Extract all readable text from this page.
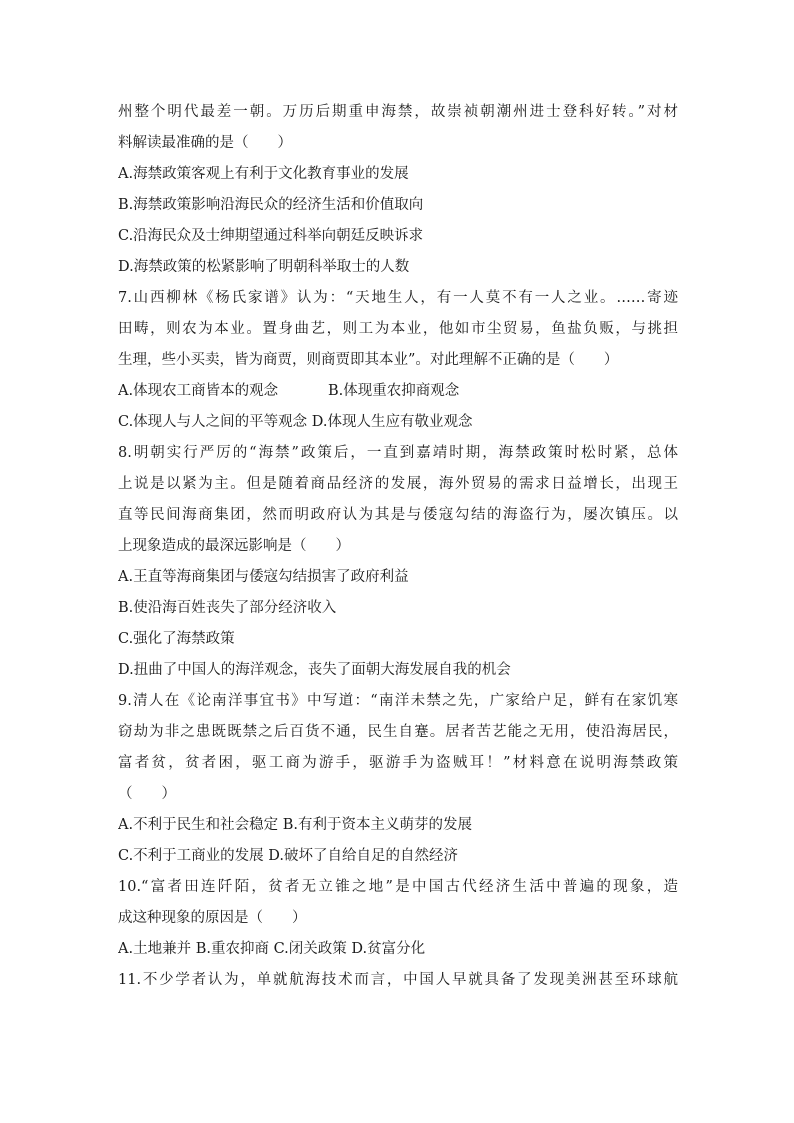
州整个明代最差一朝。万历后期重申海禁，故崇祯朝潮州进士登科好转。”对材
料解读最准确的是（　　）
A.海禁政策客观上有利于文化教育事业的发展
B.海禁政策影响沿海民众的经济生活和价值取向
C.沿海民众及士绅期望通过科举向朝廷反映诉求
D.海禁政策的松紧影响了明朝科举取士的人数
7.山西柳林《杨氏家谱》认为：“天地生人，有一人莫不有一人之业。……寄迹
田畴，则农为本业。置身曲艺，则工为本业，他如市尘贸易，鱼盐负贩，与挑担
生理，些小买卖，皆为商贾，则商贾即其本业”。对此理解不正确的是（　　）
A.体现农工商皆本的观念	B.体现重农抑商观念
C.体现人与人之间的平等观念 D.体现人生应有敬业观念
8.明朝实行严厉的“海禁”政策后，一直到嘉靖时期，海禁政策时松时紧，总体
上说是以紧为主。但是随着商品经济的发展，海外贸易的需求日益增长，出现王
直等民间海商集团，然而明政府认为其是与倭寇勾结的海盗行为，屡次镇压。以
上现象造成的最深远影响是（　　）
A.王直等海商集团与倭寇勾结损害了政府利益
B.使沿海百姓丧失了部分经济收入
C.强化了海禁政策
D.扭曲了中国人的海洋观念，丧失了面朝大海发展自我的机会
9.清人在《论南洋事宜书》中写道：“南洋未禁之先，广家给户足，鲜有在家饥寒
窃劫为非之患既既禁之后百货不通，民生自蹇。居者苦艺能之无用，使沿海居民，
富者贫，贫者困，驱工商为游手，驱游手为盗贼耳！”材料意在说明海禁政策
（　　）
A.不利于民生和社会稳定 B.有利于资本主义萌芽的发展
C.不利于工商业的发展 D.破坏了自给自足的自然经济
10.“富者田连阡陌，贫者无立锥之地”是中国古代经济生活中普遍的现象，造
成这种现象的原因是（　　）
A.土地兼并 B.重农抑商 C.闭关政策 D.贫富分化
11.不少学者认为，单就航海技术而言，中国人早就具备了发现美洲甚至环球航
